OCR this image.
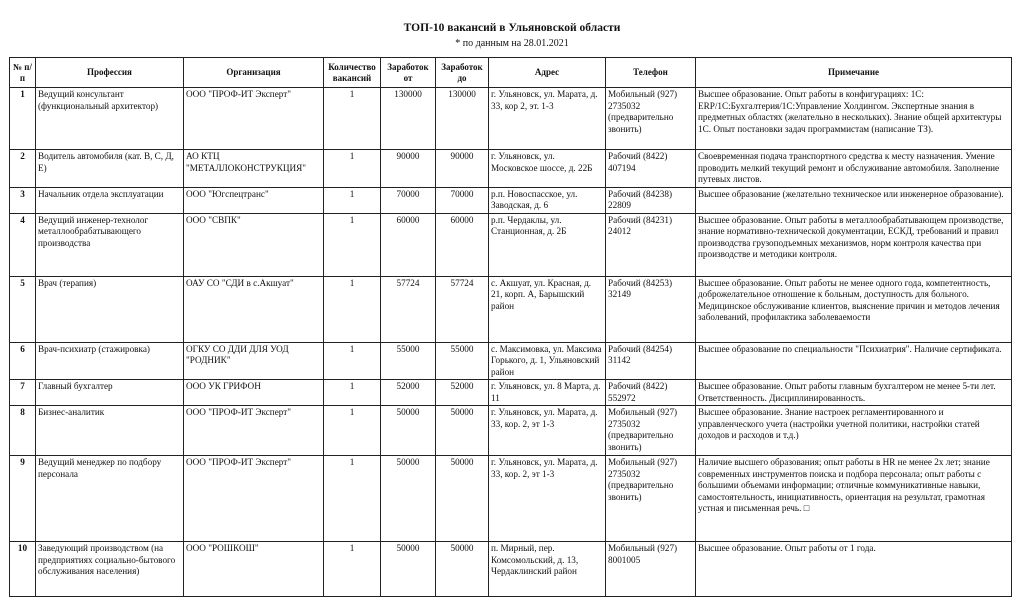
ТОП-10 вакансий в Ульяновской области
* по данным на 28.01.2021
№ п/п	Профессия	Организация	Количество вакансий	Заработок от	Заработок до	Адрес	Телефон	Примечание
1	Ведущий консультант (функциональный архитектор)	ООО "ПРОФ-ИТ Эксперт"	1	130000	130000	г. Ульяновск, ул. Марата, д. 33, кор 2, эт. 1-3	Мобильный (927) 2735032 (предварительно звонить)	Высшее образование. Опыт работы в конфигурациях: 1С: ERP/1С:Бухгалтерия/1С:Управление Холдингом. Экспертные знания в предметных областях (желательно в нескольких). Знание общей архитектуры 1С. Опыт постановки задач программистам (написание ТЗ).
2	Водитель автомобиля (кат. В, С, Д, Е)	АО КТЦ "МЕТАЛЛОКОНСТРУКЦИЯ"	1	90000	90000	г. Ульяновск, ул. Московское шоссе, д. 22Б	Рабочий (8422) 407194	Своевременная подача транспортного средства к месту назначения. Умение проводить мелкий текущий ремонт и обслуживание автомобиля. Заполнение путевых листов.
3	Начальник отдела эксплуатации	ООО "Югспецтранс"	1	70000	70000	р.п. Новоспасское, ул. Заводская, д. 6	Рабочий (84238) 22809	Высшее образование (желательно техническое или инженерное образование).
4	Ведущий инженер-технолог металлообрабатывающего производства	ООО "СВПК"	1	60000	60000	р.п. Чердаклы, ул. Станционная, д. 2Б	Рабочий (84231) 24012	Высшее образование. Опыт работы в металлообрабатывающем производстве, знание нормативно-технической документации, ЕСКД, требований и правил производства грузоподъемных механизмов, норм контроля качества при производстве и методики контроля.
5	Врач (терапия)	ОАУ СО "СДИ в с.Акшуат"	1	57724	57724	с. Акшуат, ул. Красная, д. 21, корп. А, Барышский район	Рабочий (84253) 32149	Высшее образование. Опыт работы не менее одного года, компетентность, доброжелательное отношение к больным, доступность для больного. Медицинское обслуживание клиентов, выяснение причин и методов лечения заболеваний, профилактика заболеваемости
6	Врач-психиатр (стажировка)	ОГКУ СО ДДИ ДЛЯ УОД "РОДНИК"	1	55000	55000	с. Максимовка, ул. Максима Горького, д. 1, Ульяновский район	Рабочий (84254) 31142	Высшее образование по специальности "Психиатрия". Наличие сертификата.
7	Главный бухгалтер	ООО УК ГРИФОН	1	52000	52000	г. Ульяновск, ул. 8 Марта, д. 11	Рабочий (8422) 552972	Высшее образование. Опыт работы главным бухгалтером не менее 5-ти лет. Ответственность. Дисциплинированность.
8	Бизнес-аналитик	ООО "ПРОФ-ИТ Эксперт"	1	50000	50000	г. Ульяновск, ул. Марата, д. 33, кор. 2, эт 1-3	Мобильный (927) 2735032 (предварительно звонить)	Высшее образование. Знание настроек регламентированного и управленческого учета (настройки учетной политики, настройки статей доходов и расходов и т.д.)
9	Ведущий менеджер по подбору персонала	ООО "ПРОФ-ИТ Эксперт"	1	50000	50000	г. Ульяновск, ул. Марата, д. 33, кор. 2, эт 1-3	Мобильный (927) 2735032 (предварительно звонить)	Наличие высшего образования; опыт работы в HR не менее 2х лет; знание современных инструментов поиска и подбора персонала; опыт работы с большими объемами информации; отличные коммуникативные навыки, самостоятельность, инициативность, ориентация на результат, грамотная устная и письменная речь. □
10	Заведующий производством (на предприятиях социально-бытового обслуживания населения)	ООО "РОШКОШ"	1	50000	50000	п. Мирный, пер. Комсомольский, д. 13, Чердаклинский район	Мобильный (927) 8001005	Высшее образование. Опыт работы от 1 года.
